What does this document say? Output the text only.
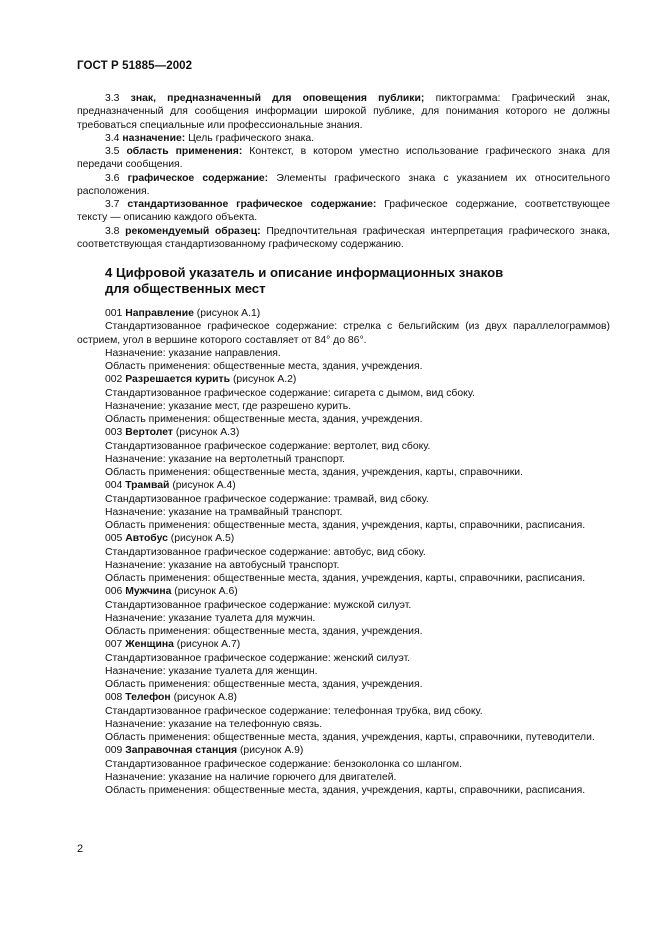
ГОСТ Р 51885—2002

3.3 знак, предназначенный для оповещения публики; пиктограмма: Графический знак, предназначенный для сообщения информации широкой публике, для понимания которого не должны требоваться специальные или профессиональные знания.

3.4 назначение: Цель графического знака.

3.5 область применения: Контекст, в котором уместно использование графического знака для передачи сообщения.

3.6 графическое содержание: Элементы графического знака с указанием их относительного расположения.

3.7 стандартизованное графическое содержание: Графическое содержание, соответствующее тексту — описанию каждого объекта.

3.8 рекомендуемый образец: Предпочтительная графическая интерпретация графического знака, соответствующая стандартизованному графическому содержанию.

4 Цифровой указатель и описание информационных знаков
для общественных мест

001 Направление (рисунок А.1)

Стандартизованное графическое содержание: стрелка с бельгийским (из двух параллелограммов) острием, угол в вершине которого составляет от 84° до 86°.

Назначение: указание направления.

Область применения: общественные места, здания, учреждения.

002 Разрешается курить (рисунок А.2)

Стандартизованное графическое содержание: сигарета с дымом, вид сбоку.

Назначение: указание мест, где разрешено курить.

Область применения: общественные места, здания, учреждения.

003 Вертолет (рисунок А.3)

Стандартизованное графическое содержание: вертолет, вид сбоку.

Назначение: указание на вертолетный транспорт.

Область применения: общественные места, здания, учреждения, карты, справочники.

004 Трамвай (рисунок А.4)

Стандартизованное графическое содержание: трамвай, вид сбоку.

Назначение: указание на трамвайный транспорт.

Область применения: общественные места, здания, учреждения, карты, справочники, расписания.

005 Автобус (рисунок А.5)

Стандартизованное графическое содержание: автобус, вид сбоку.

Назначение: указание на автобусный транспорт.

Область применения: общественные места, здания, учреждения, карты, справочники, расписания.

006 Мужчина (рисунок А.6)

Стандартизованное графическое содержание: мужской силуэт.

Назначение: указание туалета для мужчин.

Область применения: общественные места, здания, учреждения.

007 Женщина (рисунок А.7)

Стандартизованное графическое содержание: женский силуэт.

Назначение: указание туалета для женщин.

Область применения: общественные места, здания, учреждения.

008 Телефон (рисунок А.8)

Стандартизованное графическое содержание: телефонная трубка, вид сбоку.

Назначение: указание на телефонную связь.

Область применения: общественные места, здания, учреждения, карты, справочники, путеводители.

009 Заправочная станция (рисунок А.9)

Стандартизованное графическое содержание: бензоколонка со шлангом.

Назначение: указание на наличие горючего для двигателей.

Область применения: общественные места, здания, учреждения, карты, справочники, расписания.

2
